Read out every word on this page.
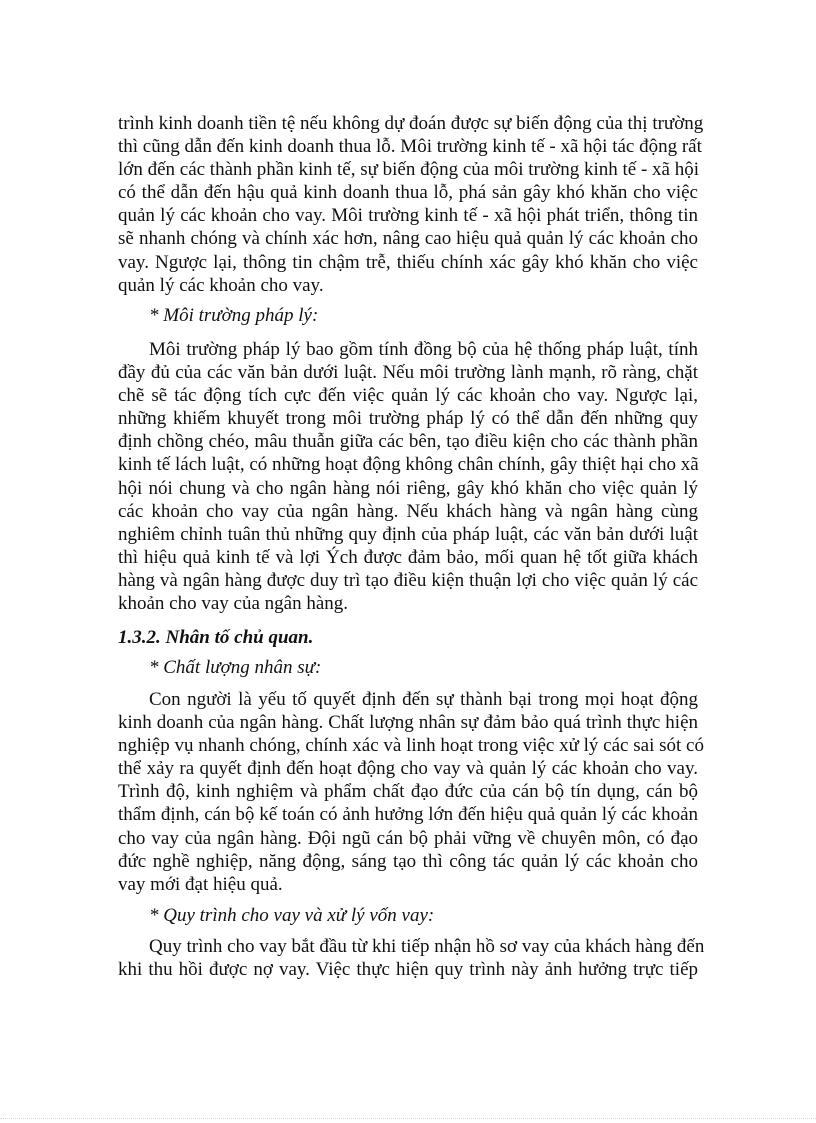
trình kinh doanh tiền tệ nếu không dự đoán được sự biến động của thị trường
thì cũng dẫn đến kinh doanh thua lỗ. Môi trường kinh tế - xã hội tác động rất
lớn đến các thành phần kinh tế, sự biến động của môi trường kinh tế - xã hội
có thể dẫn đến hậu quả kinh doanh thua lỗ, phá sản gây khó khăn cho việc
quản lý các khoản cho vay. Môi trường kinh tế - xã hội phát triển, thông tin
sẽ nhanh chóng và chính xác hơn, nâng cao hiệu quả quản lý các khoản cho
vay. Ngược lại, thông tin chậm trễ, thiếu chính xác gây khó khăn cho việc
quản lý các khoản cho vay.
* Môi trường pháp lý:
Môi trường pháp lý bao gồm tính đồng bộ của hệ thống pháp luật, tính
đầy đủ của các văn bản dưới luật. Nếu môi trường lành mạnh, rõ ràng, chặt
chẽ sẽ tác động tích cực đến việc quản lý các khoản cho vay. Ngược lại,
những khiếm khuyết trong môi trường pháp lý có thể dẫn đến những quy
định chồng chéo, mâu thuẫn giữa các bên, tạo điều kiện cho các thành phần
kinh tế lách luật, có những hoạt động không chân chính, gây thiệt hại cho xã
hội nói chung và cho ngân hàng nói riêng, gây khó khăn cho việc quản lý
các khoản cho vay của ngân hàng. Nếu khách hàng và ngân hàng cùng
nghiêm chỉnh tuân thủ những quy định của pháp luật, các văn bản dưới luật
thì hiệu quả kinh tế và lợi Ých được đảm bảo, mối quan hệ tốt giữa khách
hàng và ngân hàng được duy trì tạo điều kiện thuận lợi cho việc quản lý các
khoản cho vay của ngân hàng.
1.3.2. Nhân tố chủ quan.
* Chất lượng nhân sự:
Con người là yếu tố quyết định đến sự thành bại trong mọi hoạt động
kinh doanh của ngân hàng. Chất lượng nhân sự đảm bảo quá trình thực hiện
nghiệp vụ nhanh chóng, chính xác và linh hoạt trong việc xử lý các sai sót có
thể xảy ra quyết định đến hoạt động cho vay và quản lý các khoản cho vay.
Trình độ, kinh nghiệm và phẩm chất đạo đức của cán bộ tín dụng, cán bộ
thẩm định, cán bộ kế toán có ảnh hưởng lớn đến hiệu quả quản lý các khoản
cho vay của ngân hàng. Đội ngũ cán bộ phải vững về chuyên môn, có đạo
đức nghề nghiệp, năng động, sáng tạo thì công tác quản lý các khoản cho
vay mới đạt hiệu quả.
* Quy trình cho vay và xử lý vốn vay:
Quy trình cho vay bắt đầu từ khi tiếp nhận hồ sơ vay của khách hàng đến
khi thu hồi được nợ vay. Việc thực hiện quy trình này ảnh hưởng trực tiếp
